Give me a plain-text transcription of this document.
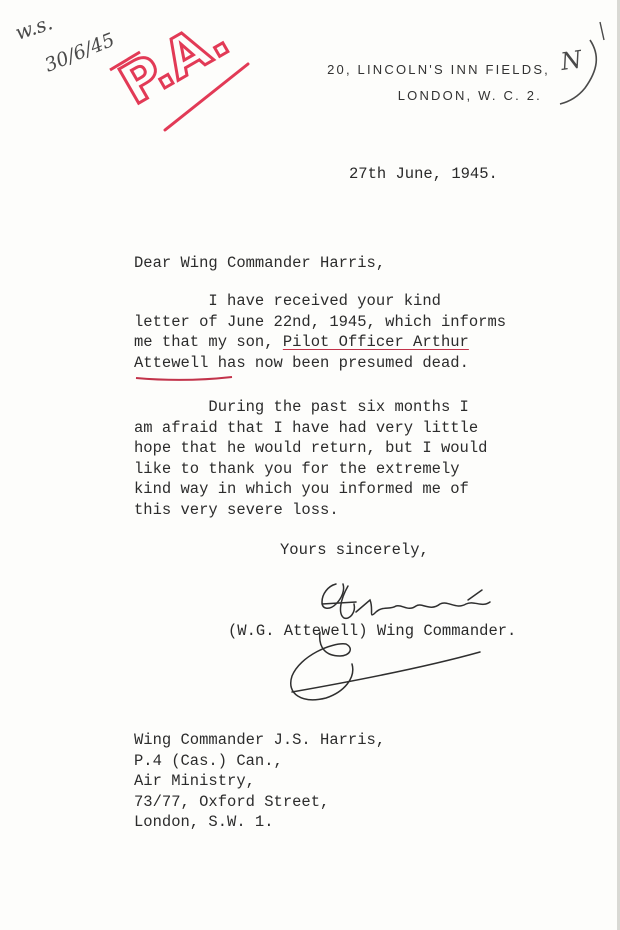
w.s.
30/6/45
P.A.	N
20, LINCOLN'S INN FIELDS,
LONDON, W. C. 2.
27th June, 1945.
Dear Wing Commander Harris,
I have received your kind
letter of June 22nd, 1945, which informs
me that my son, Pilot Officer Arthur
Attewell has now been presumed dead.
During the past six months I
am afraid that I have had very little
hope that he would return, but I would
like to thank you for the extremely
kind way in which you informed me of
this very severe loss.
Yours sincerely,
(W.G. Attewell) Wing Commander.
Wing Commander J.S. Harris,
P.4 (Cas.) Can.,
Air Ministry,
73/77, Oxford Street,
London, S.W. 1.
